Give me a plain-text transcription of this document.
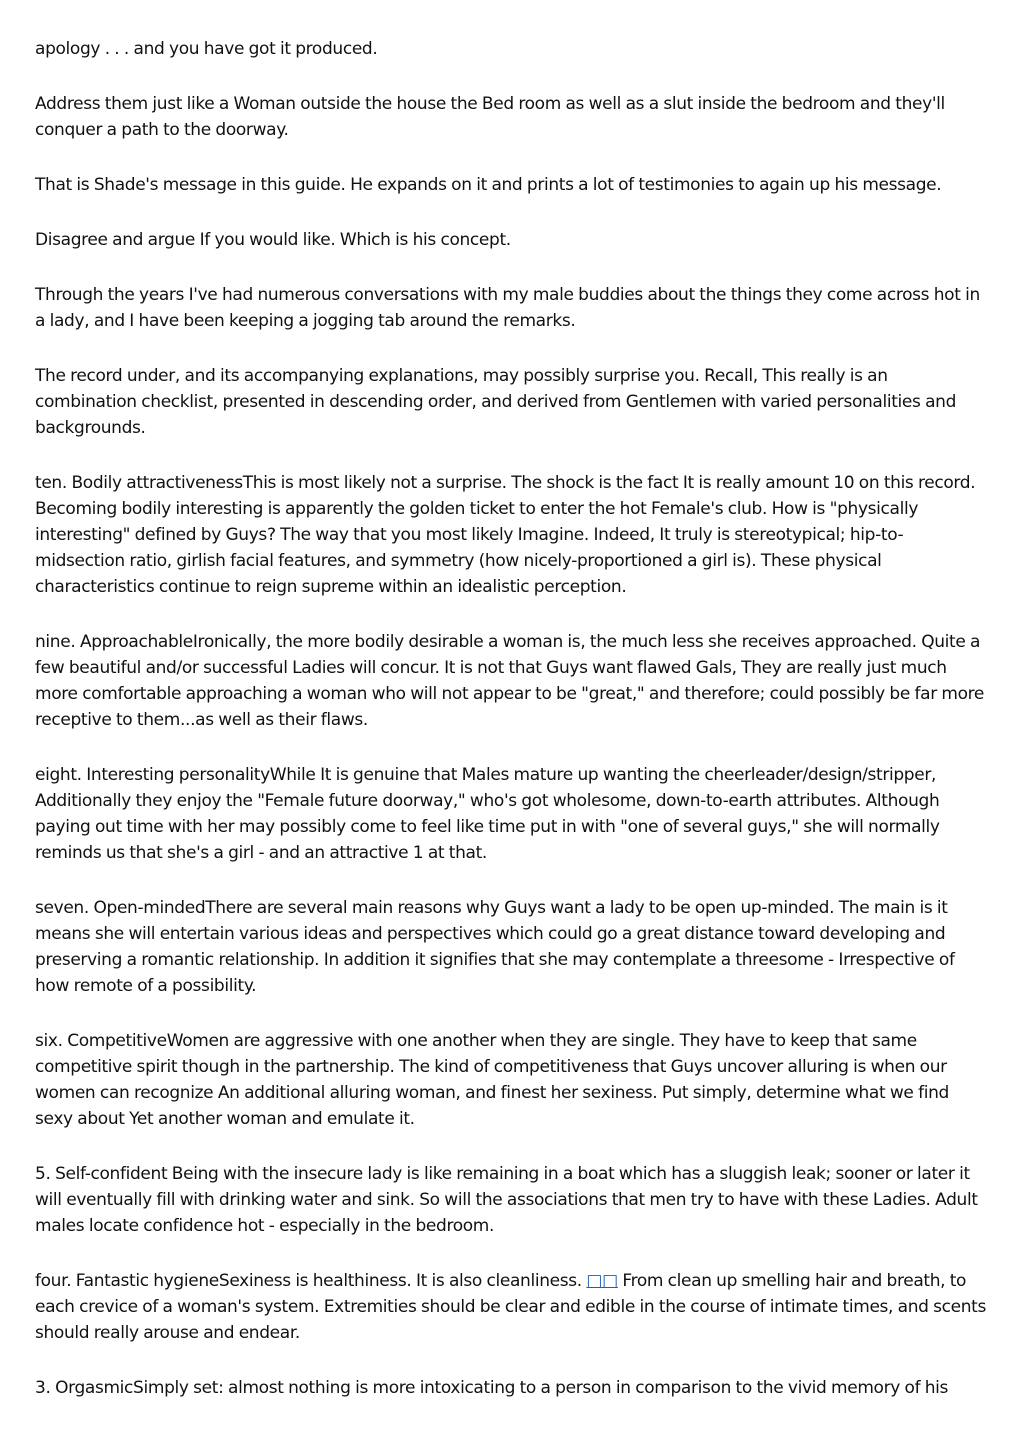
apology . . . and you have got it produced.

Address them just like a Woman outside the house the Bed room as well as a slut inside the bedroom and they'll conquer a path to the doorway.

That is Shade's message in this guide. He expands on it and prints a lot of testimonies to again up his message.

Disagree and argue If you would like. Which is his concept.

Through the years I've had numerous conversations with my male buddies about the things they come across hot in a lady, and I have been keeping a jogging tab around the remarks.

The record under, and its accompanying explanations, may possibly surprise you. Recall, This really is an combination checklist, presented in descending order, and derived from Gentlemen with varied personalities and backgrounds.

ten. Bodily attractivenessThis is most likely not a surprise. The shock is the fact It is really amount 10 on this record. Becoming bodily interesting is apparently the golden ticket to enter the hot Female's club. How is "physically interesting" defined by Guys? The way that you most likely Imagine. Indeed, It truly is stereotypical; hip-to-midsection ratio, girlish facial features, and symmetry (how nicely-proportioned a girl is). These physical characteristics continue to reign supreme within an idealistic perception.

nine. ApproachableIronically, the more bodily desirable a woman is, the much less she receives approached. Quite a few beautiful and/or successful Ladies will concur. It is not that Guys want flawed Gals, They are really just much more comfortable approaching a woman who will not appear to be "great," and therefore; could possibly be far more receptive to them...as well as their flaws.

eight. Interesting personalityWhile It is genuine that Males mature up wanting the cheerleader/design/stripper, Additionally they enjoy the "Female future doorway," who's got wholesome, down-to-earth attributes. Although paying out time with her may possibly come to feel like time put in with "one of several guys," she will normally reminds us that she's a girl - and an attractive 1 at that.

seven. Open-mindedThere are several main reasons why Guys want a lady to be open up-minded. The main is it means she will entertain various ideas and perspectives which could go a great distance toward developing and preserving a romantic relationship. In addition it signifies that she may contemplate a threesome - Irrespective of how remote of a possibility.

six. CompetitiveWomen are aggressive with one another when they are single. They have to keep that same competitive spirit though in the partnership. The kind of competitiveness that Guys uncover alluring is when our women can recognize An additional alluring woman, and finest her sexiness. Put simply, determine what we find sexy about Yet another woman and emulate it.

5. Self-confident Being with the insecure lady is like remaining in a boat which has a sluggish leak; sooner or later it will eventually fill with drinking water and sink. So will the associations that men try to have with these Ladies. Adult males locate confidence hot - especially in the bedroom.

four. Fantastic hygieneSexiness is healthiness. It is also cleanliness. □□ From clean up smelling hair and breath, to each crevice of a woman's system. Extremities should be clear and edible in the course of intimate times, and scents should really arouse and endear.

3. OrgasmicSimply set: almost nothing is more intoxicating to a person in comparison to the vivid memory of his
